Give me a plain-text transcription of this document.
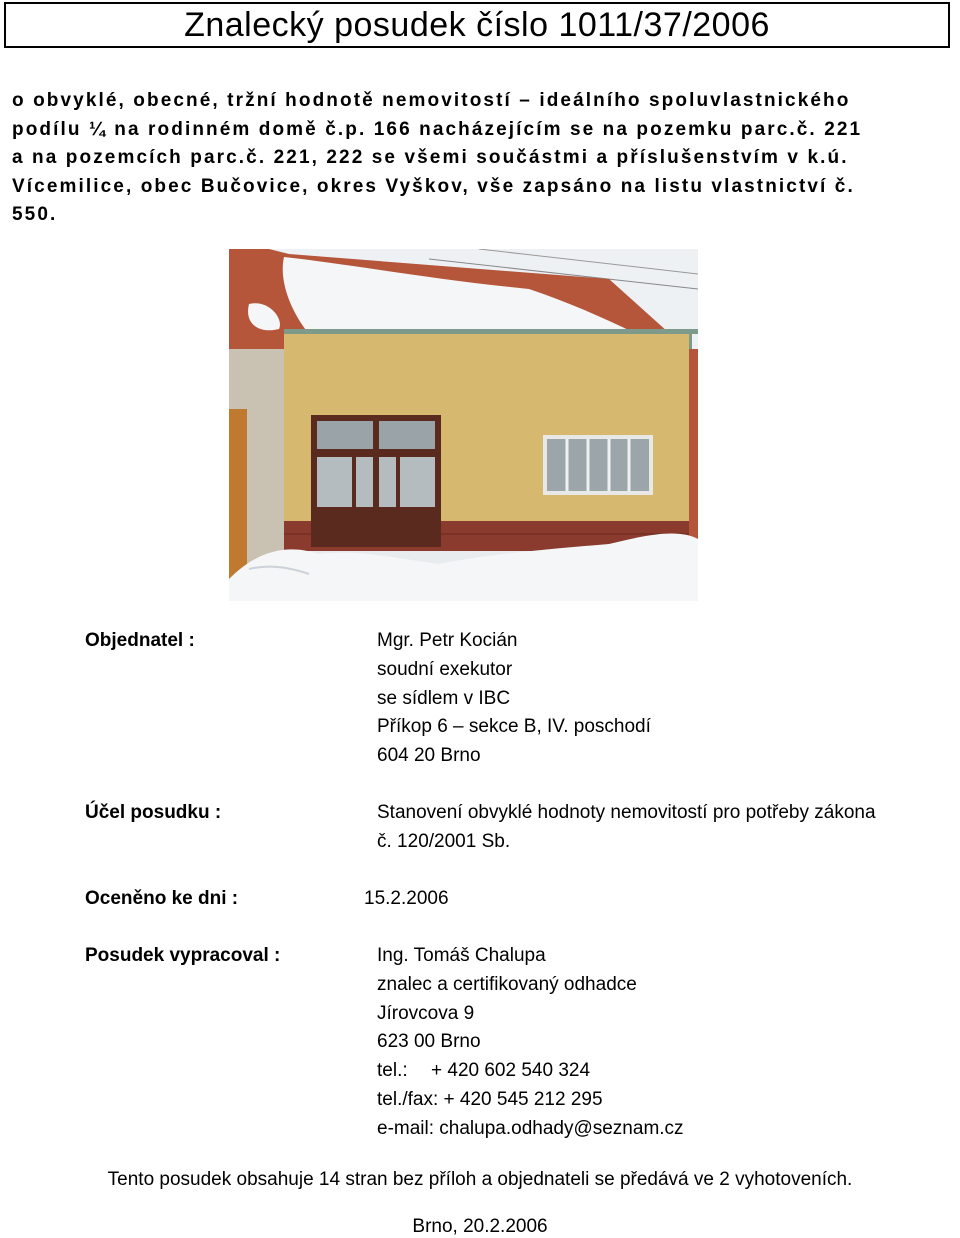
Znalecký posudek číslo 1011/37/2006
o obvyklé, obecné, tržní hodnotě nemovitostí – ideálního spoluvlastnického
podílu ¼ na rodinném domě č.p. 166 nacházejícím se na pozemku parc.č. 221
a na pozemcích parc.č. 221, 222 se všemi součástmi a příslušenstvím v k.ú.
Vícemilice, obec Bučovice, okres Vyškov, vše zapsáno na listu vlastnictví č.
550.
Objednatel :	Mgr. Petr Kocián
soudní exekutor
se sídlem v IBC
Příkop 6 – sekce B, IV. poschodí
604 20 Brno
Účel posudku :	Stanovení obvyklé hodnoty nemovitostí pro potřeby zákona
č. 120/2001 Sb.
Oceněno ke dni :	15.2.2006
Posudek vypracoval :	Ing. Tomáš Chalupa
znalec a certifikovaný odhadce
Jírovcova 9
623 00 Brno
tel.: + 420 602 540 324
tel./fax: + 420 545 212 295
e-mail: chalupa.odhady@seznam.cz
Tento posudek obsahuje 14 stran bez příloh a objednateli se předává ve 2 vyhotoveních.
Brno, 20.2.2006
